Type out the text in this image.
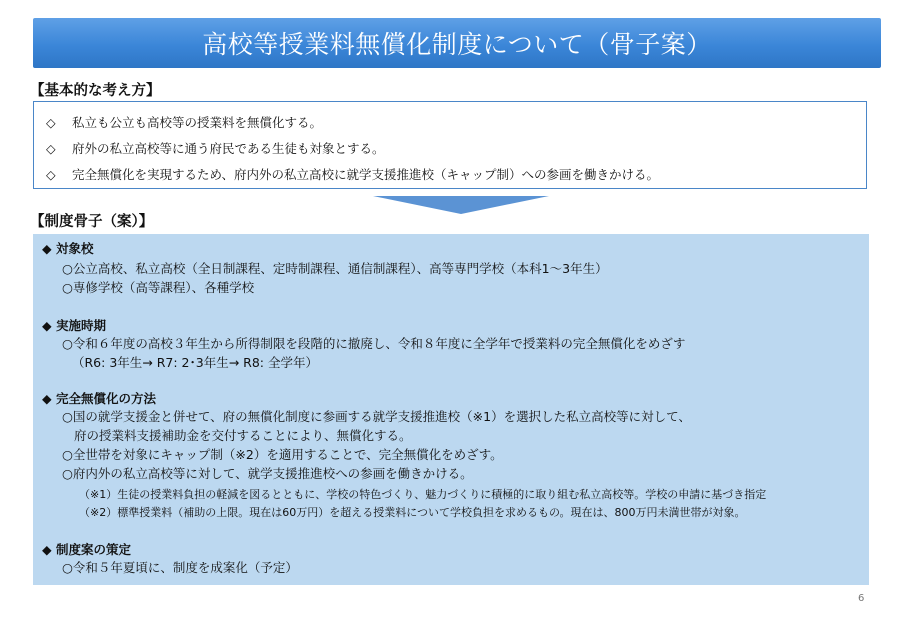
高校等授業料無償化制度について（骨子案）
【基本的な考え方】
◇ 私立も公立も高校等の授業料を無償化する。
◇ 府外の私立高校等に通う府民である生徒も対象とする。
◇ 完全無償化を実現するため、府内外の私立高校に就学支援推進校（キャップ制）への参画を働きかける。
【制度骨子（案）】
◆ 対象校
○公立高校、私立高校（全日制課程、定時制課程、通信制課程）、高等専門学校（本科1～3年生）
○専修学校（高等課程）、各種学校
◆ 実施時期
○令和６年度の高校３年生から所得制限を段階的に撤廃し、令和８年度に全学年で授業料の完全無償化をめざす
（R6: 3年生→ R7: 2･3年生→ R8: 全学年）
◆ 完全無償化の方法
○国の就学支援金と併せて、府の無償化制度に参画する就学支援推進校（※1）を選択した私立高校等に対して、
府の授業料支援補助金を交付することにより、無償化する。
○全世帯を対象にキャップ制（※2）を適用することで、完全無償化をめざす。
○府内外の私立高校等に対して、就学支援推進校への参画を働きかける。
（※1）生徒の授業料負担の軽減を図るとともに、学校の特色づくり、魅力づくりに積極的に取り組む私立高校等。学校の申請に基づき指定
（※2）標準授業料（補助の上限。現在は60万円）を超える授業料について学校負担を求めるもの。現在は、800万円未満世帯が対象。
◆ 制度案の策定
○令和５年夏頃に、制度を成案化（予定）
6
